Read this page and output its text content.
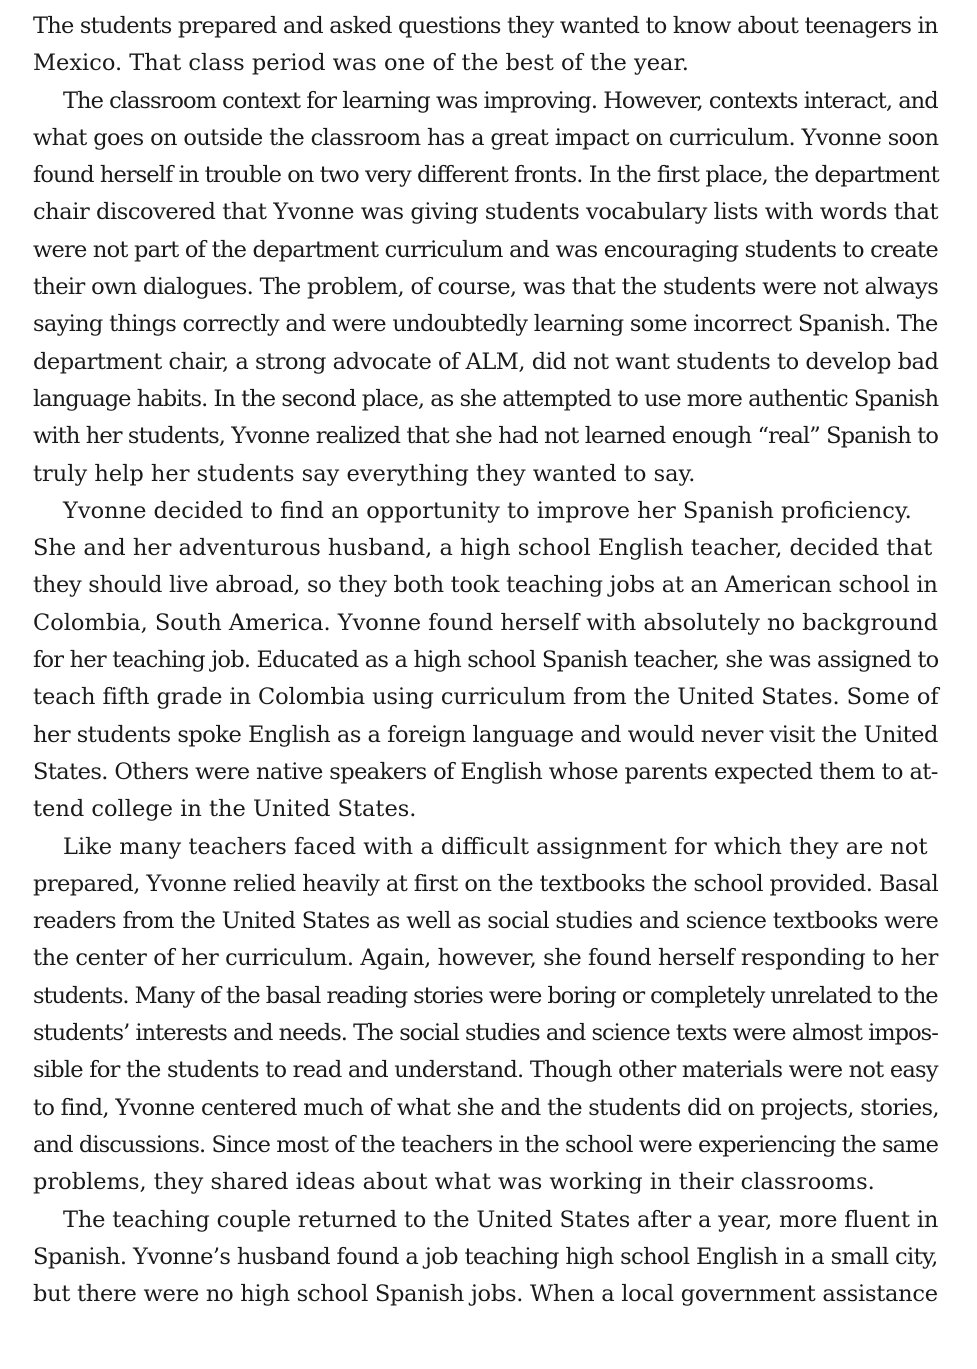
The students prepared and asked questions they wanted to know about teenagers in
Mexico. That class period was one of the best of the year.
The classroom context for learning was improving. However, contexts interact, and
what goes on outside the classroom has a great impact on curriculum. Yvonne soon
found herself in trouble on two very different fronts. In the first place, the department
chair discovered that Yvonne was giving students vocabulary lists with words that
were not part of the department curriculum and was encouraging students to create
their own dialogues. The problem, of course, was that the students were not always
saying things correctly and were undoubtedly learning some incorrect Spanish. The
department chair, a strong advocate of ALM, did not want students to develop bad
language habits. In the second place, as she attempted to use more authentic Spanish
with her students, Yvonne realized that she had not learned enough “real” Spanish to
truly help her students say everything they wanted to say.
Yvonne decided to find an opportunity to improve her Spanish proficiency.
She and her adventurous husband, a high school English teacher, decided that
they should live abroad, so they both took teaching jobs at an American school in
Colombia, South America. Yvonne found herself with absolutely no background
for her teaching job. Educated as a high school Spanish teacher, she was assigned to
teach fifth grade in Colombia using curriculum from the United States. Some of
her students spoke English as a foreign language and would never visit the United
States. Others were native speakers of English whose parents expected them to at-
tend college in the United States.
Like many teachers faced with a difficult assignment for which they are not
prepared, Yvonne relied heavily at first on the textbooks the school provided. Basal
readers from the United States as well as social studies and science textbooks were
the center of her curriculum. Again, however, she found herself responding to her
students. Many of the basal reading stories were boring or completely unrelated to the
students’ interests and needs. The social studies and science texts were almost impos-
sible for the students to read and understand. Though other materials were not easy
to find, Yvonne centered much of what she and the students did on projects, stories,
and discussions. Since most of the teachers in the school were experiencing the same
problems, they shared ideas about what was working in their classrooms.
The teaching couple returned to the United States after a year, more fluent in
Spanish. Yvonne’s husband found a job teaching high school English in a small city,
but there were no high school Spanish jobs. When a local government assistance
